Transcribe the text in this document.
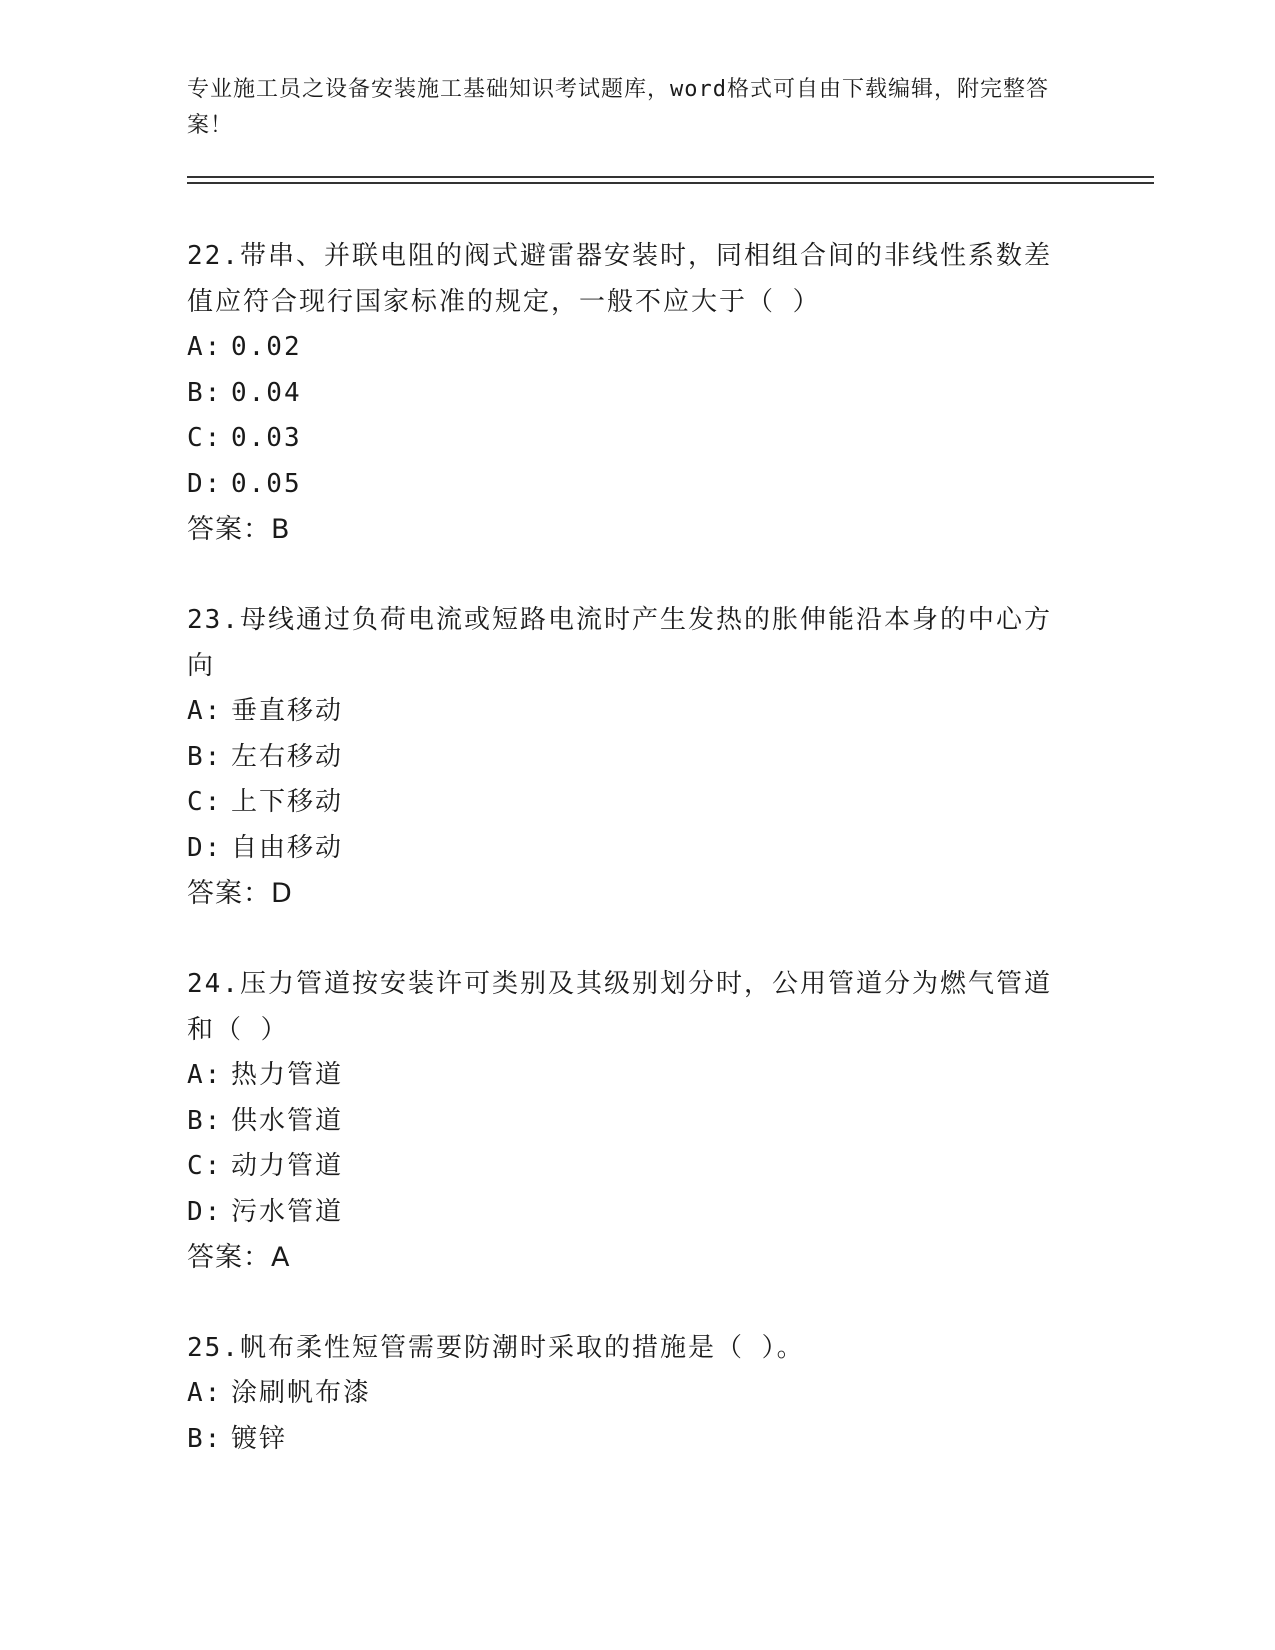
专业施工员之设备安装施工基础知识考试题库，word格式可自由下载编辑，附完整答案！

22.带串、并联电阻的阀式避雷器安装时，同相组合间的非线性系数差值应符合现行国家标准的规定，一般不应大于（ ）

A: 0.02
B: 0.04
C: 0.03
D: 0.05
答案：B

23.母线通过负荷电流或短路电流时产生发热的胀伸能沿本身的中心方向

A: 垂直移动
B: 左右移动
C: 上下移动
D: 自由移动
答案：D

24.压力管道按安装许可类别及其级别划分时，公用管道分为燃气管道和（ ）

A: 热力管道
B: 供水管道
C: 动力管道
D: 污水管道
答案：A

25.帆布柔性短管需要防潮时采取的措施是（ ）。

A: 涂刷帆布漆
B: 镀锌
